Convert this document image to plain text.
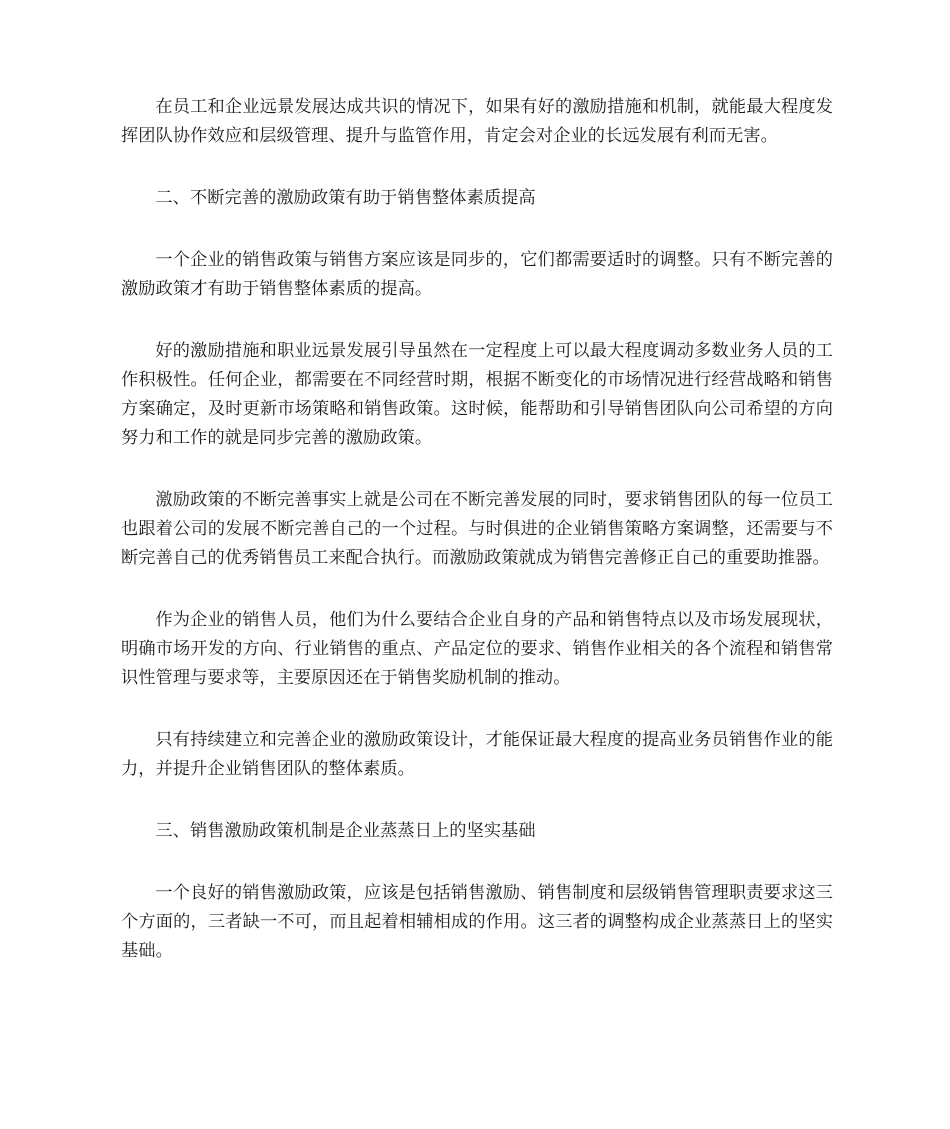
在员工和企业远景发展达成共识的情况下，如果有好的激励措施和机制，就能最大程度发挥团队协作效应和层级管理、提升与监管作用，肯定会对企业的长远发展有利而无害。

二、不断完善的激励政策有助于销售整体素质提高

一个企业的销售政策与销售方案应该是同步的，它们都需要适时的调整。只有不断完善的激励政策才有助于销售整体素质的提高。

好的激励措施和职业远景发展引导虽然在一定程度上可以最大程度调动多数业务人员的工作积极性。任何企业，都需要在不同经营时期，根据不断变化的市场情况进行经营战略和销售方案确定，及时更新市场策略和销售政策。这时候，能帮助和引导销售团队向公司希望的方向努力和工作的就是同步完善的激励政策。

激励政策的不断完善事实上就是公司在不断完善发展的同时，要求销售团队的每一位员工也跟着公司的发展不断完善自己的一个过程。与时俱进的企业销售策略方案调整，还需要与不断完善自己的优秀销售员工来配合执行。而激励政策就成为销售完善修正自己的重要助推器。

作为企业的销售人员，他们为什么要结合企业自身的产品和销售特点以及市场发展现状，明确市场开发的方向、行业销售的重点、产品定位的要求、销售作业相关的各个流程和销售常识性管理与要求等，主要原因还在于销售奖励机制的推动。

只有持续建立和完善企业的激励政策设计，才能保证最大程度的提高业务员销售作业的能力，并提升企业销售团队的整体素质。

三、销售激励政策机制是企业蒸蒸日上的坚实基础

一个良好的销售激励政策，应该是包括销售激励、销售制度和层级销售管理职责要求这三个方面的，三者缺一不可，而且起着相辅相成的作用。这三者的调整构成企业蒸蒸日上的坚实基础。
